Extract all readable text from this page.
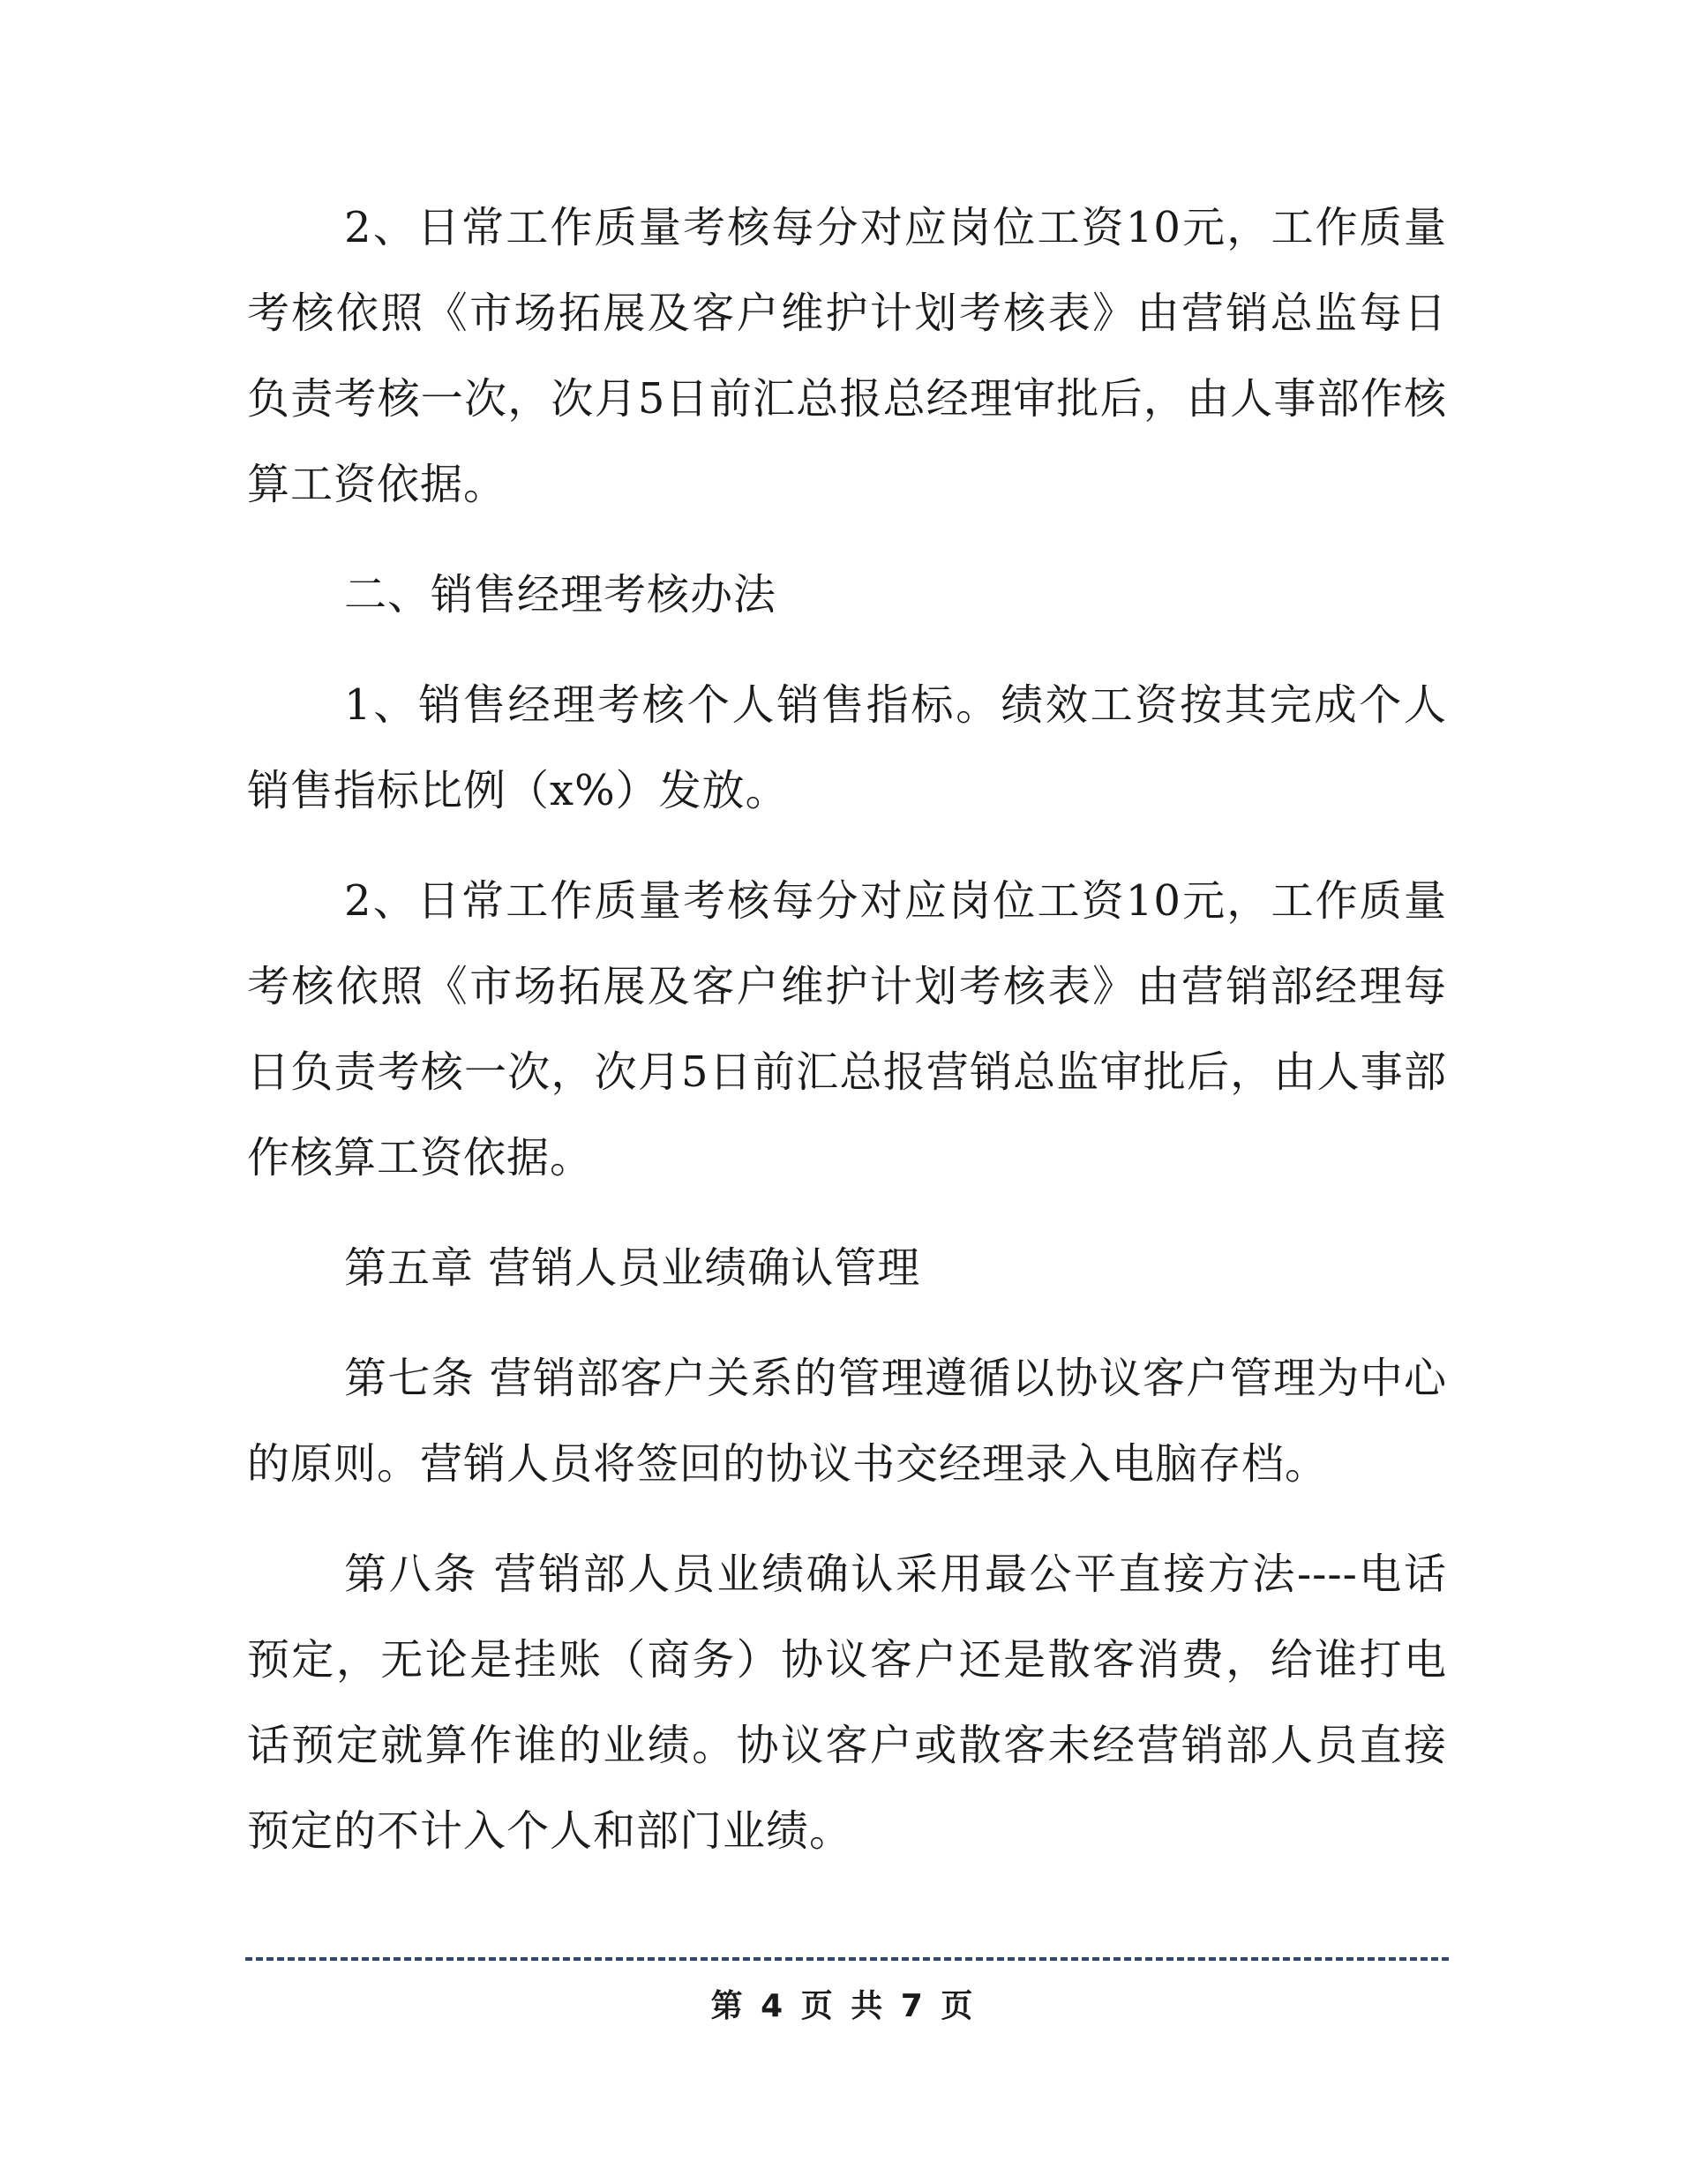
2、日常工作质量考核每分对应岗位工资10元，工作质量考核依照《市场拓展及客户维护计划考核表》由营销总监每日负责考核一次，次月5日前汇总报总经理审批后，由人事部作核算工资依据。

二、销售经理考核办法

1、销售经理考核个人销售指标。绩效工资按其完成个人销售指标比例（x%）发放。

2、日常工作质量考核每分对应岗位工资10元，工作质量考核依照《市场拓展及客户维护计划考核表》由营销部经理每日负责考核一次，次月5日前汇总报营销总监审批后，由人事部作核算工资依据。

第五章 营销人员业绩确认管理

第七条 营销部客户关系的管理遵循以协议客户管理为中心的原则。营销人员将签回的协议书交经理录入电脑存档。

第八条 营销部人员业绩确认采用最公平直接方法----电话预定，无论是挂账（商务）协议客户还是散客消费，给谁打电话预定就算作谁的业绩。协议客户或散客未经营销部人员直接预定的不计入个人和部门业绩。

第 4 页 共 7 页
